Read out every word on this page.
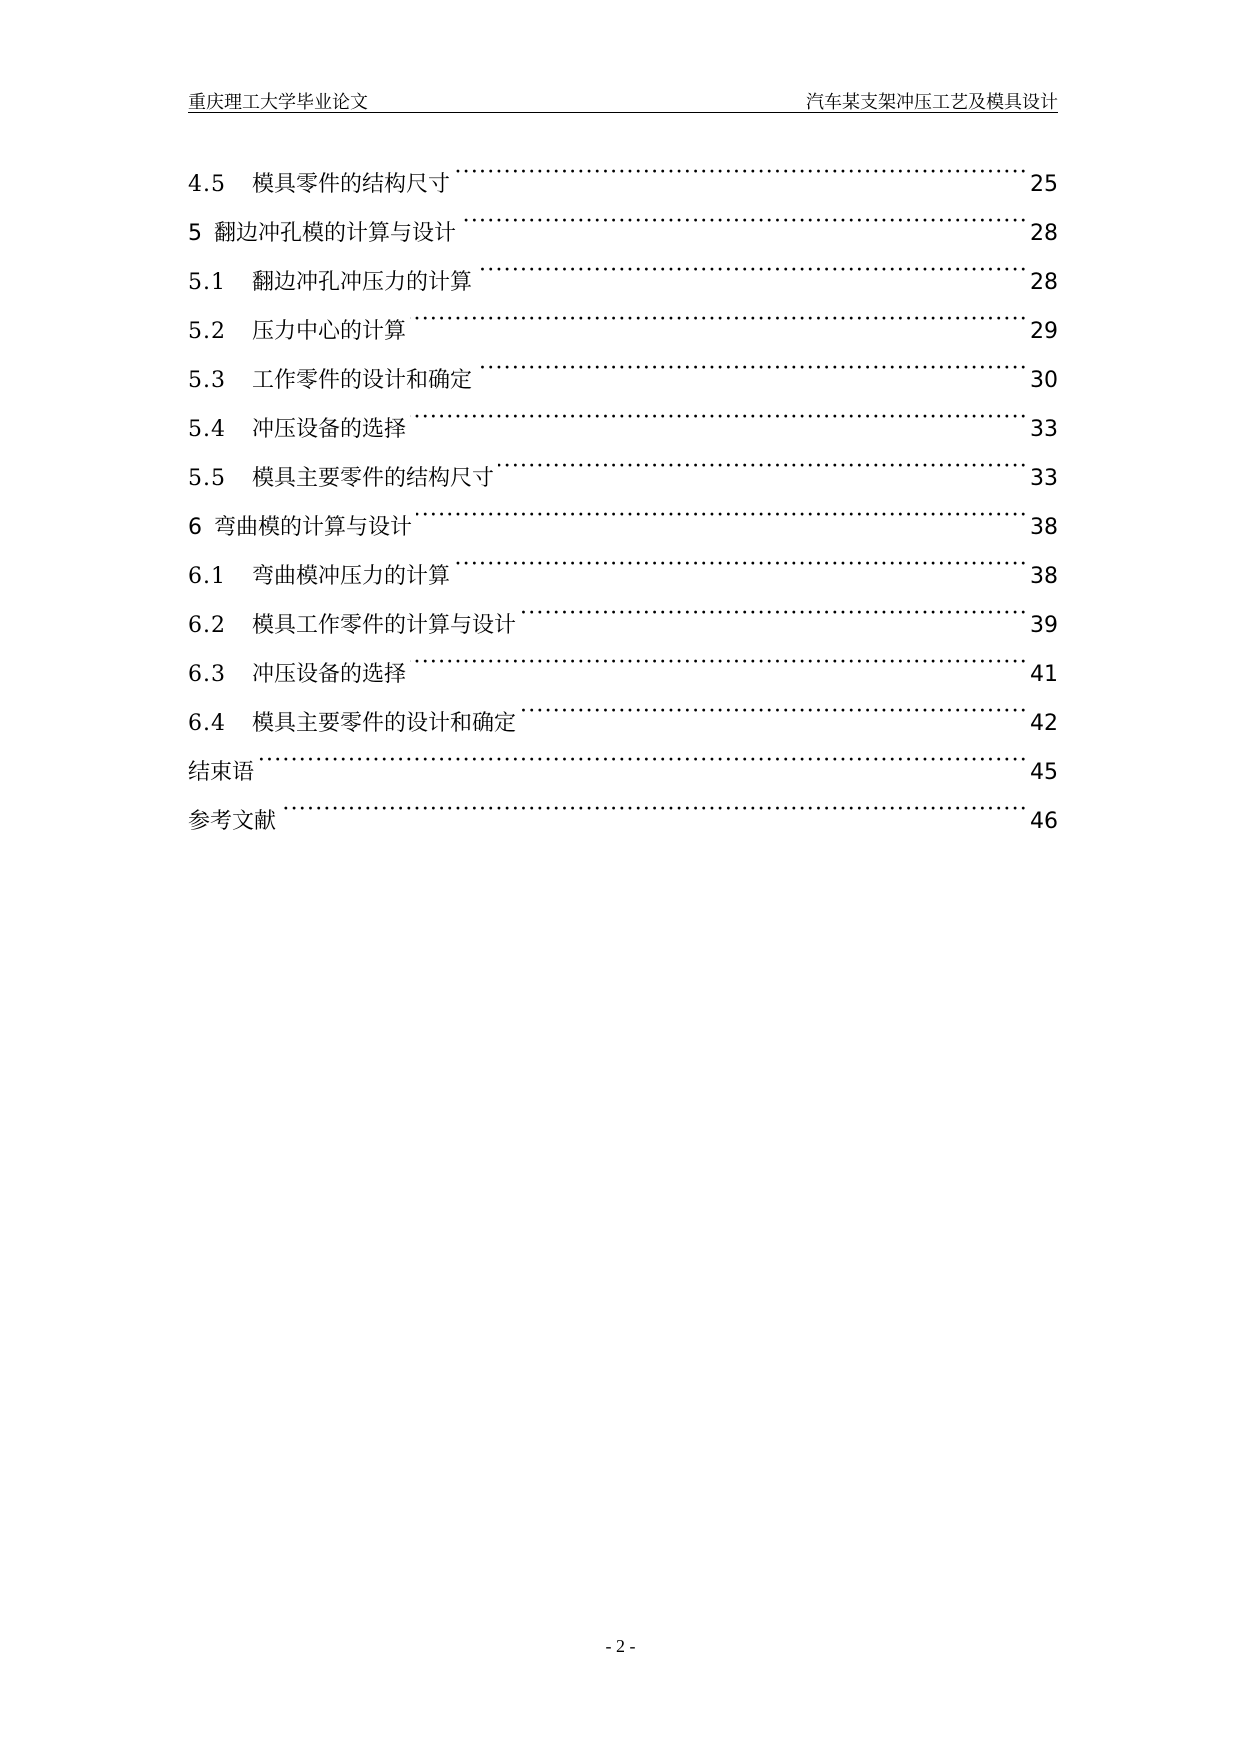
重庆理工大学毕业论文	汽车某支架冲压工艺及模具设计
4.5	模具零件的结构尺寸 ·····	25
5 翻边冲孔模的计算与设计 ·····	28
5.1	翻边冲孔冲压力的计算 ·····	28
5.2	压力中心的计算 ·····	29
5.3	工作零件的设计和确定 ·····	30
5.4	冲压设备的选择 ·····	33
5.5	模具主要零件的结构尺寸 ·····	33
6 弯曲模的计算与设计 ·····	38
6.1	弯曲模冲压力的计算 ·····	38
6.2	模具工作零件的计算与设计 ·····	39
6.3	冲压设备的选择 ·····	41
6.4	模具主要零件的设计和确定 ·····	42
结束语 ·····	45
参考文献 ·····	46
- 2 -
